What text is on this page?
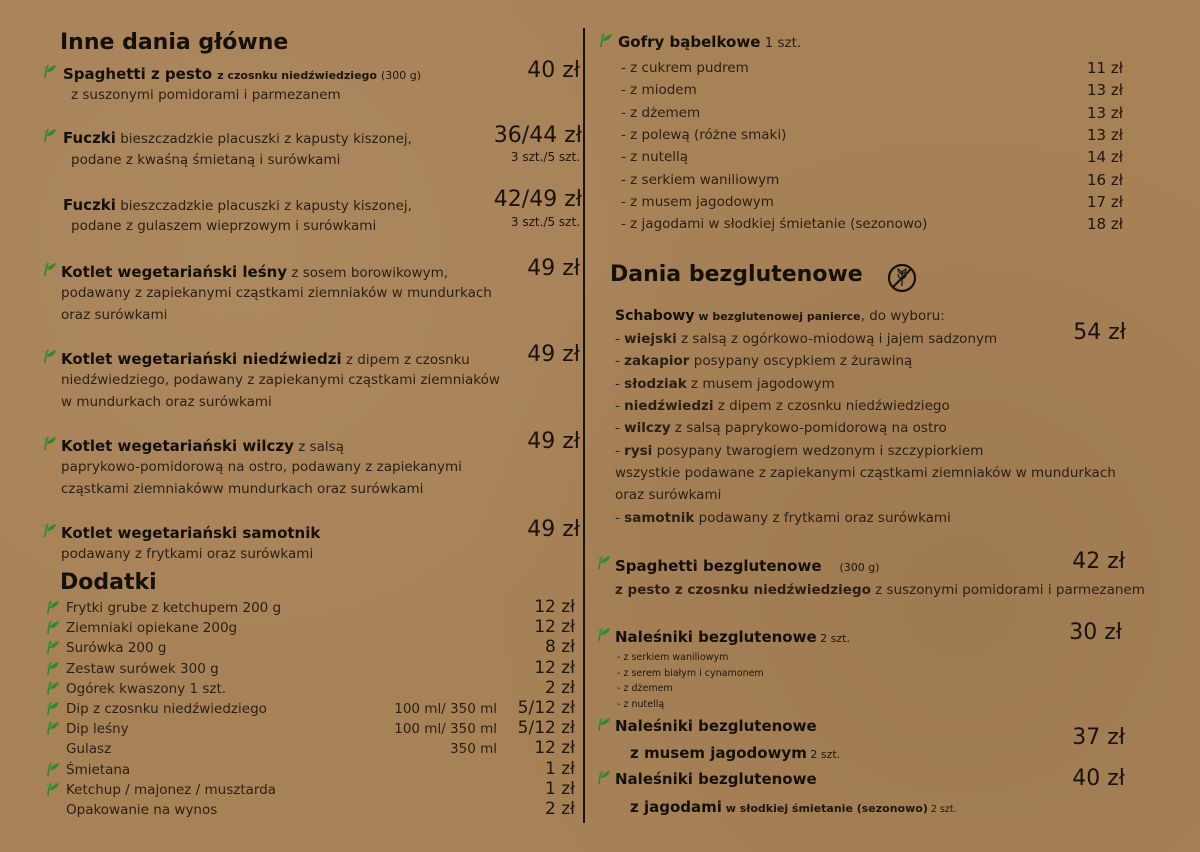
Inne dania główne
Spaghetti z pesto z czosnku niedźwiedziego (300 g)
z suszonymi pomidorami i parmezanem
40 zł
Fuczki bieszczadzkie placuszki z kapusty kiszonej,
podane z kwaśną śmietaną i surówkami
36/44 zł
3 szt./5 szt.
Fuczki bieszczadzkie placuszki z kapusty kiszonej,
podane z gulaszem wieprzowym i surówkami
42/49 zł
3 szt./5 szt.
Kotlet wegetariański leśny z sosem borowikowym,
podawany z zapiekanymi cząstkami ziemniaków w mundurkach
oraz surówkami
49 zł
Kotlet wegetariański niedźwiedzi z dipem z czosnku
niedźwiedziego, podawany z zapiekanymi cząstkami ziemniaków
w mundurkach oraz surówkami
49 zł
Kotlet wegetariański wilczy z salsą
paprykowo-pomidorową na ostro, podawany z zapiekanymi
cząstkami ziemniakóww mundurkach oraz surówkami
49 zł
Kotlet wegetariański samotnik
podawany z frytkami oraz surówkami
49 zł
Dodatki
Frytki grube z ketchupem 200 g	12 zł
Ziemniaki opiekane 200g	12 zł
Surówka 200 g	8 zł
Zestaw surówek 300 g	12 zł
Ogórek kwaszony 1 szt.	2 zł
Dip z czosnku niedźwiedziego	100 ml/ 350 ml 5/12 zł
Dip leśny	100 ml/ 350 ml 5/12 zł
Gulasz	350 ml 12 zł
Śmietana	1 zł
Ketchup / majonez / musztarda	1 zł
Opakowanie na wynos	2 zł
Gofry bąbelkowe 1 szt.
- z cukrem pudrem	11 zł
- z miodem	13 zł
- z dżemem	13 zł
- z polewą (różne smaki)	13 zł
- z nutellą	14 zł
- z serkiem waniliowym	16 zł
- z musem jagodowym	17 zł
- z jagodami w słodkiej śmietanie (sezonowo)	18 zł
Dania bezglutenowe
Schabowy w bezglutenowej panierce, do wyboru:
54 zł
- wiejski z salsą z ogórkowo-miodową i jajem sadzonym
- zakapior posypany oscypkiem z żurawiną
- słodziak z musem jagodowym
- niedźwiedzi z dipem z czosnku niedźwiedziego
- wilczy z salsą paprykowo-pomidorową na ostro
- rysi posypany twarogiem wedzonym i szczypiorkiem
wszystkie podawane z zapiekanymi cząstkami ziemniaków w mundurkach
oraz surówkami
- samotnik podawany z frytkami oraz surówkami
Spaghetti bezglutenowe (300 g)	42 zł
z pesto z czosnku niedźwiedziego z suszonymi pomidorami i parmezanem
Naleśniki bezglutenowe 2 szt.	30 zł
- z serkiem waniliowym
- z serem białym i cynamonem
- z dżemem
- z nutellą
Naleśniki bezglutenowe
z musem jagodowym 2 szt.
37 zł
Naleśniki bezglutenowe
z jagodami w słodkiej śmietanie (sezonowo) 2 szt.
40 zł
